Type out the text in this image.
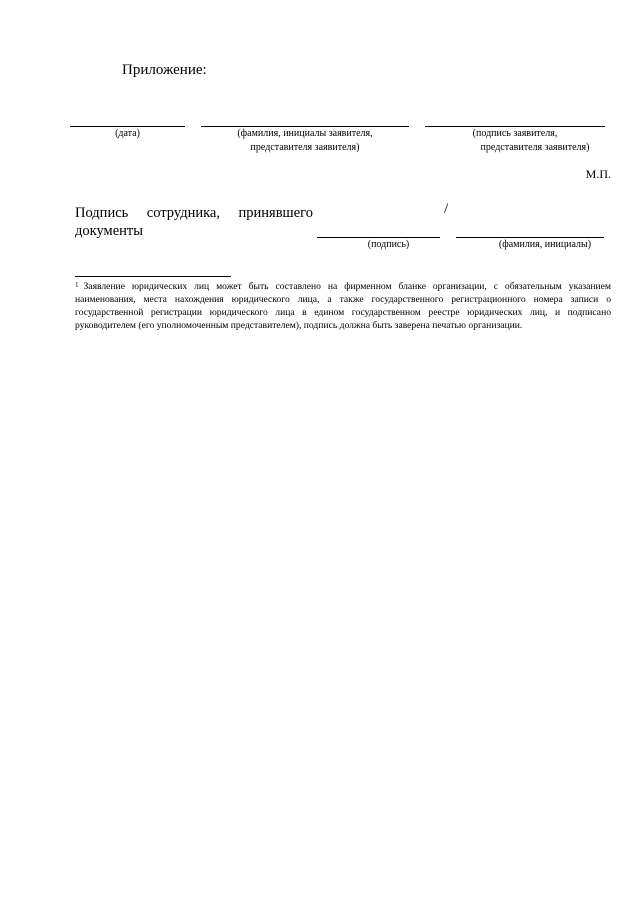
Приложение:
(дата)	(фамилия, инициалы заявителя,
представителя заявителя)
(подпись заявителя,
представителя заявителя)
М.П.
Подпись сотрудника, принявшего
документы
/
(подпись)	(фамилия, инициалы)
$^1$ Заявление юридических лиц может быть составлено на фирменном бланке организации, с обязательным указанием наименования, места нахождения юридического лица, а также государственного регистрационного номера записи о государственной регистрации юридического лица в едином государственном реестре юридических лиц, и подписано руководителем (его уполномоченным представителем), подпись должна быть заверена печатью организации.
